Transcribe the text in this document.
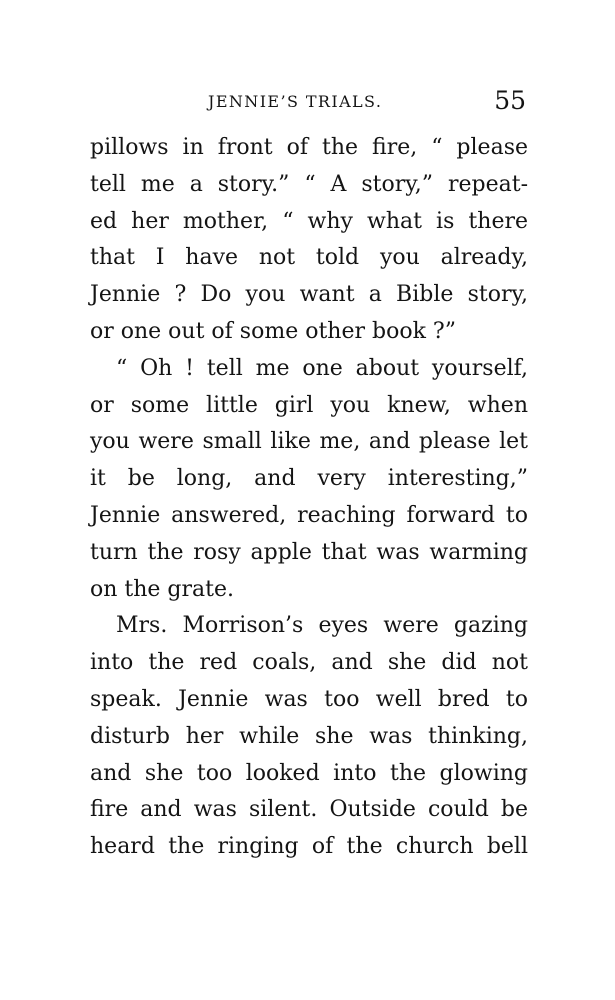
JENNIE’S TRIALS.	55
pillows in front of the fire, “ please
tell me a story.” “ A story,” repeat-
ed her mother, “ why what is there
that I have not told you already,
Jennie ? Do you want a Bible story,
or one out of some other book ?”
“ Oh ! tell me one about yourself,
or some little girl you knew, when
you were small like me, and please let
it be long, and very interesting,”
Jennie answered, reaching forward to
turn the rosy apple that was warming
on the grate.
Mrs. Morrison’s eyes were gazing
into the red coals, and she did not
speak. Jennie was too well bred to
disturb her while she was thinking,
and she too looked into the glowing
fire and was silent. Outside could be
heard the ringing of the church bell
